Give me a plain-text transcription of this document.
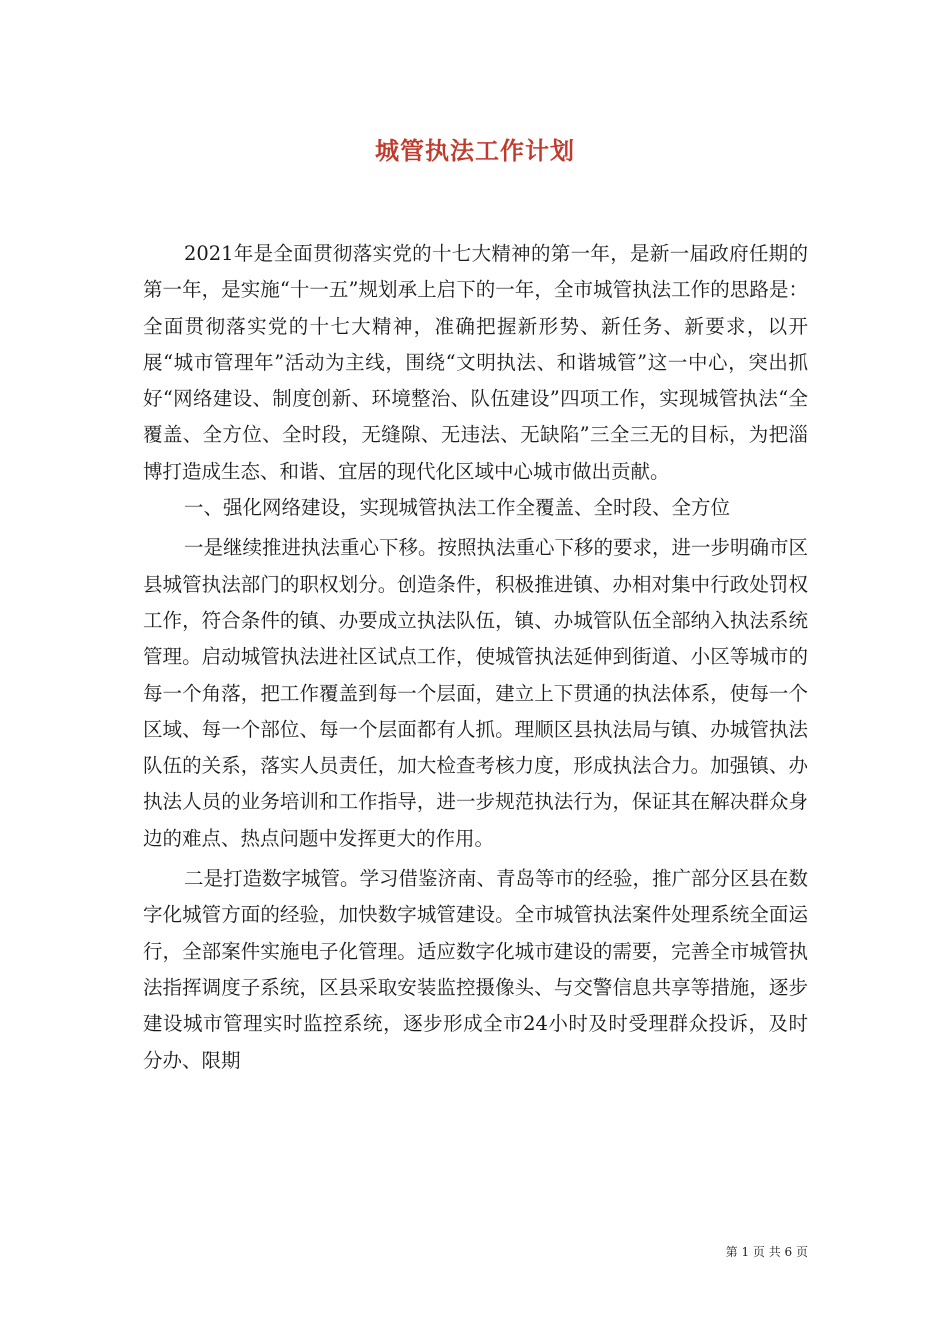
城管执法工作计划

2021年是全面贯彻落实党的十七大精神的第一年，是新一届政府任期的第一年，是实施“十一五”规划承上启下的一年，全市城管执法工作的思路是：全面贯彻落实党的十七大精神，准确把握新形势、新任务、新要求，以开展“城市管理年”活动为主线，围绕“文明执法、和谐城管”这一中心，突出抓好“网络建设、制度创新、环境整治、队伍建设”四项工作，实现城管执法“全覆盖、全方位、全时段，无缝隙、无违法、无缺陷”三全三无的目标，为把淄博打造成生态、和谐、宜居的现代化区域中心城市做出贡献。

一、强化网络建设，实现城管执法工作全覆盖、全时段、全方位

一是继续推进执法重心下移。按照执法重心下移的要求，进一步明确市区县城管执法部门的职权划分。创造条件，积极推进镇、办相对集中行政处罚权工作，符合条件的镇、办要成立执法队伍，镇、办城管队伍全部纳入执法系统管理。启动城管执法进社区试点工作，使城管执法延伸到街道、小区等城市的每一个角落，把工作覆盖到每一个层面，建立上下贯通的执法体系，使每一个区域、每一个部位、每一个层面都有人抓。理顺区县执法局与镇、办城管执法队伍的关系，落实人员责任，加大检查考核力度，形成执法合力。加强镇、办执法人员的业务培训和工作指导，进一步规范执法行为，保证其在解决群众身边的难点、热点问题中发挥更大的作用。

二是打造数字城管。学习借鉴济南、青岛等市的经验，推广部分区县在数字化城管方面的经验，加快数字城管建设。全市城管执法案件处理系统全面运行，全部案件实施电子化管理。适应数字化城市建设的需要，完善全市城管执法指挥调度子系统，区县采取安装监控摄像头、与交警信息共享等措施，逐步建设城市管理实时监控系统，逐步形成全市24小时及时受理群众投诉，及时分办、限期

第 1 页 共 6 页
